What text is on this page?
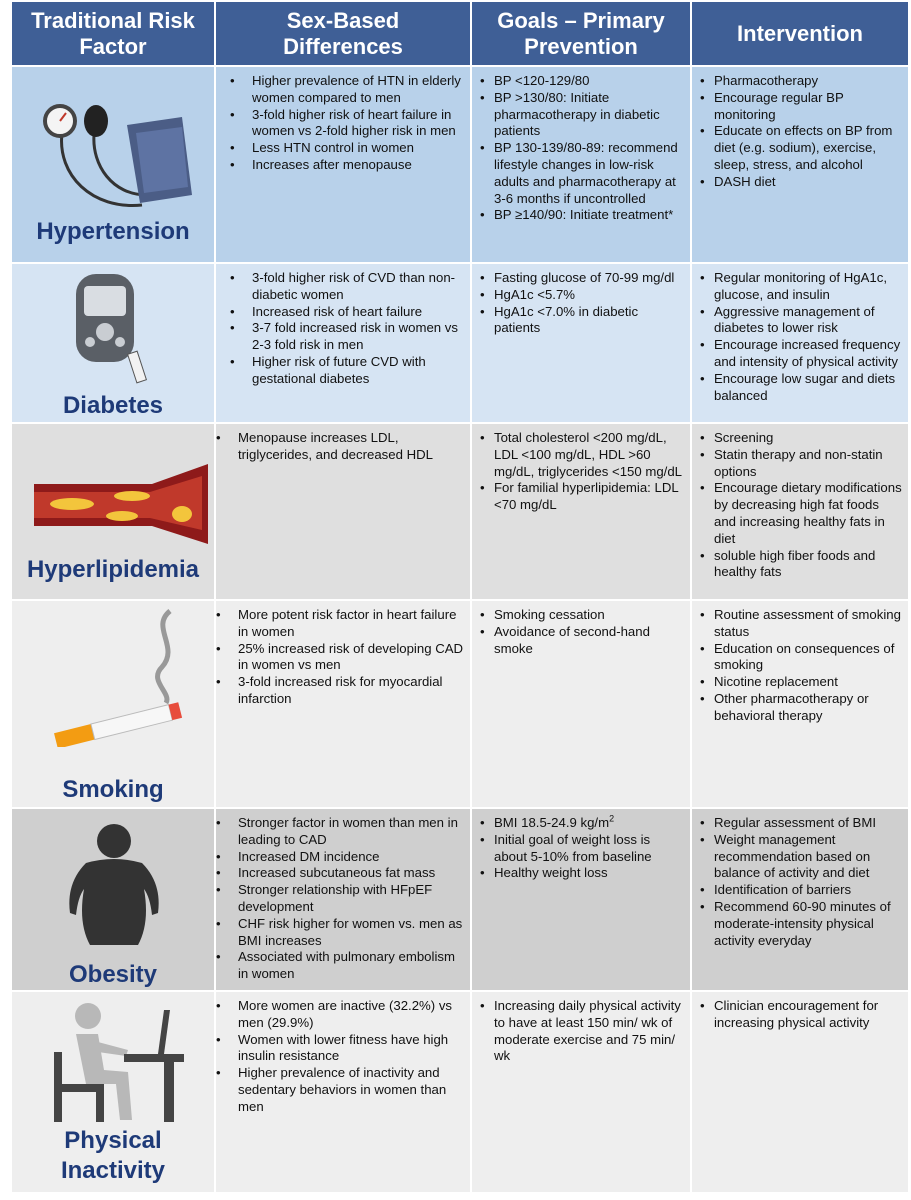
Traditional Risk
Factor
Sex-Based
Differences
Goals – Primary
Prevention
Intervention
Hypertension
• Higher prevalence of HTN in elderly women compared to men
• 3-fold higher risk of heart failure in women vs 2-fold higher risk in men
• Less HTN control in women
• Increases after menopause
• BP <120-129/80
• BP >130/80: Initiate pharmacotherapy in diabetic patients
• BP 130-139/80-89: recommend lifestyle changes in low-risk adults and pharmacotherapy at 3-6 months if uncontrolled
• BP ≥140/90: Initiate treatment*
• Pharmacotherapy
• Encourage regular BP monitoring
• Educate on effects on BP from diet (e.g. sodium), exercise, sleep, stress, and alcohol
• DASH diet
Diabetes
• 3-fold higher risk of CVD than non-diabetic women
• Increased risk of heart failure
• 3-7 fold increased risk in women vs 2-3 fold risk in men
• Higher risk of future CVD with gestational diabetes
• Fasting glucose of 70-99 mg/dl
• HgA1c <5.7%
• HgA1c <7.0% in diabetic patients
• Regular monitoring of HgA1c, glucose, and insulin
• Aggressive management of diabetes to lower risk
• Encourage increased frequency and intensity of physical activity
• Encourage low sugar and diets balanced
Hyperlipidemia
• Menopause increases LDL, triglycerides, and decreased HDL
• Total cholesterol <200 mg/dL, LDL <100 mg/dL, HDL >60 mg/dL, triglycerides <150 mg/dL
• For familial hyperlipidemia: LDL <70 mg/dL
• Screening
• Statin therapy and non-statin options
• Encourage dietary modifications by decreasing high fat foods and increasing healthy fats in diet
• soluble high fiber foods and healthy fats
Smoking
• More potent risk factor in heart failure in women
• 25% increased risk of developing CAD in women vs men
• 3-fold increased risk for myocardial infarction
• Smoking cessation
• Avoidance of second-hand smoke
• Routine assessment of smoking status
• Education on consequences of smoking
• Nicotine replacement
• Other pharmacotherapy or behavioral therapy
Obesity
• Stronger factor in women than men in leading to CAD
• Increased DM incidence
• Increased subcutaneous fat mass
• Stronger relationship with HFpEF development
• CHF risk higher for women vs. men as BMI increases
• Associated with pulmonary embolism in women
• BMI 18.5-24.9 $kg/m^2$
• Initial goal of weight loss is about 5-10% from baseline
• Healthy weight loss
• Regular assessment of BMI
• Weight management recommendation based on balance of activity and diet
• Identification of barriers
• Recommend 60-90 minutes of moderate-intensity physical activity everyday
Physical
Inactivity
• More women are inactive (32.2%) vs men (29.9%)
• Women with lower fitness have high insulin resistance
• Higher prevalence of inactivity and sedentary behaviors in women than men
• Increasing daily physical activity to have at least 150 min/ wk of moderate exercise and 75 min/ wk
• Clinician encouragement for increasing physical activity
